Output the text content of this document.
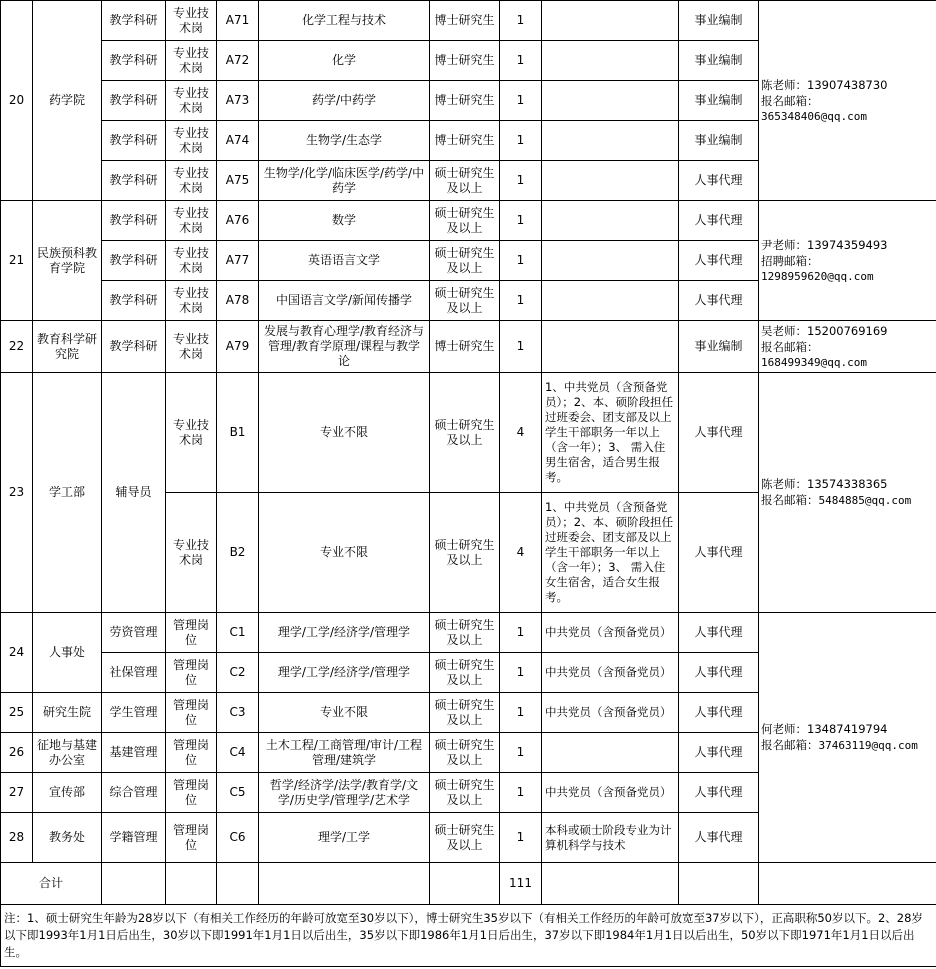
20	药学院	教学科研	专业技术岗	A71	化学工程与技术	博士研究生	1		事业编制	陈老师：13907438730
报名邮箱：
365348406@qq.com

		教学科研	专业技术岗	A72	化学	博士研究生	1		事业编制	
		教学科研	专业技术岗	A73	药学/中药学	博士研究生	1		事业编制	
		教学科研	专业技术岗	A74	生物学/生态学	博士研究生	1		事业编制	
		教学科研	专业技术岗	A75	生物学/化学/临床医学/药学/中药学	硕士研究生及以上	1		人事代理	
21	民族预科教育学院	教学科研	专业技术岗	A76	数学	硕士研究生及以上	1		人事代理	尹老师：13974359493
招聘邮箱：
1298959620@qq.com

		教学科研	专业技术岗	A77	英语语言文学	硕士研究生及以上	1		人事代理	
		教学科研	专业技术岗	A78	中国语言文学/新闻传播学	硕士研究生及以上	1		人事代理	
22	教育科学研究院	教学科研	专业技术岗	A79	发展与教育心理学/教育经济与管理/教育学原理/课程与教学论	博士研究生	1		事业编制	吴老师：15200769169
报名邮箱：
168499349@qq.com

23	学工部	辅导员	专业技术岗	B1	专业不限	硕士研究生及以上	4	1、中共党员（含预备党员）；2、本、硕阶段担任过班委会、团支部及以上学生干部职务一年以上（含一年）；3、 需入住男生宿舍，适合男生报考。	人事代理	陈老师：13574338365
报名邮箱：5484885@qq.com

			专业技术岗	B2	专业不限	硕士研究生及以上	4	1、中共党员（含预备党员）；2、本、硕阶段担任过班委会、团支部及以上学生干部职务一年以上（含一年）；3、 需入住女生宿舍，适合女生报考。	人事代理	
24	人事处	劳资管理	管理岗位	C1	理学/工学/经济学/管理学	硕士研究生及以上	1	中共党员（含预备党员）	人事代理	何老师：13487419794
报名邮箱：37463119@qq.com

		社保管理	管理岗位	C2	理学/工学/经济学/管理学	硕士研究生及以上	1	中共党员（含预备党员）	人事代理	
25	研究生院	学生管理	管理岗位	C3	专业不限	硕士研究生及以上	1	中共党员（含预备党员）	人事代理	
26	征地与基建办公室	基建管理	管理岗位	C4	土木工程/工商管理/审计/工程管理/建筑学	硕士研究生及以上	1		人事代理	
27	宣传部	综合管理	管理岗位	C5	哲学/经济学/法学/教育学/文学/历史学/管理学/艺术学	硕士研究生及以上	1	中共党员（含预备党员）	人事代理	
28	教务处	学籍管理	管理岗位	C6	理学/工学	硕士研究生及以上	1	本科或硕士阶段专业为计算机科学与技术	人事代理	
合计							111			
注：1、硕士研究生年龄为28岁以下（有相关工作经历的年龄可放宽至30岁以下），博士研究生35岁以下（有相关工作经历的年龄可放宽至37岁以下），正高职称50岁以下。2、28岁以下即1993年1月1日后出生，30岁以下即1991年1月1日以后出生，35岁以下即1986年1月1日后出生，37岁以下即1984年1月1日以后出生，50岁以下即1971年1月1日以后出生。										
